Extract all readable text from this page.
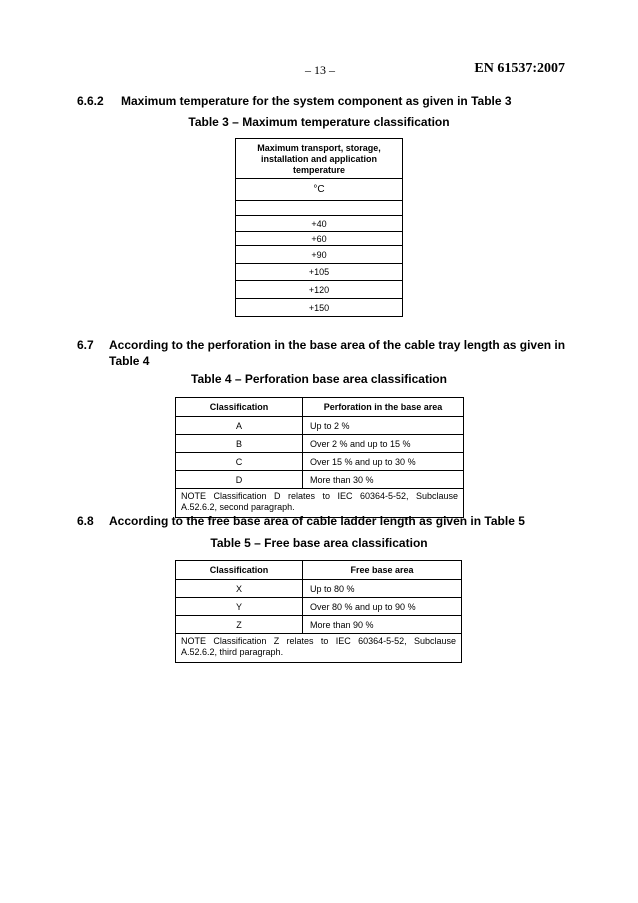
– 13 –	EN 61537:2007
6.6.2 Maximum temperature for the system component as given in Table 3
Table 3 – Maximum temperature classification
Maximum transport, storage, installation and application temperature
°C

+40
+60
+90
+105
+120
+150
6.7 According to the perforation in the base area of the cable tray length as given in
Table 4
Table 4 – Perforation base area classification
Classification	Perforation in the base area
A	Up to 2 %
B	Over 2 % and up to 15 %
C	Over 15 % and up to 30 %
D	More than 30 %
NOTE Classification D relates to IEC 60364-5-52, Subclause A.52.6.2, second paragraph.	
6.8 According to the free base area of cable ladder length as given in Table 5
Table 5 – Free base area classification
Classification	Free base area
X	Up to 80 %
Y	Over 80 % and up to 90 %
Z	More than 90 %
NOTE Classification Z relates to IEC 60364-5-52, Subclause A.52.6.2, third paragraph.	
